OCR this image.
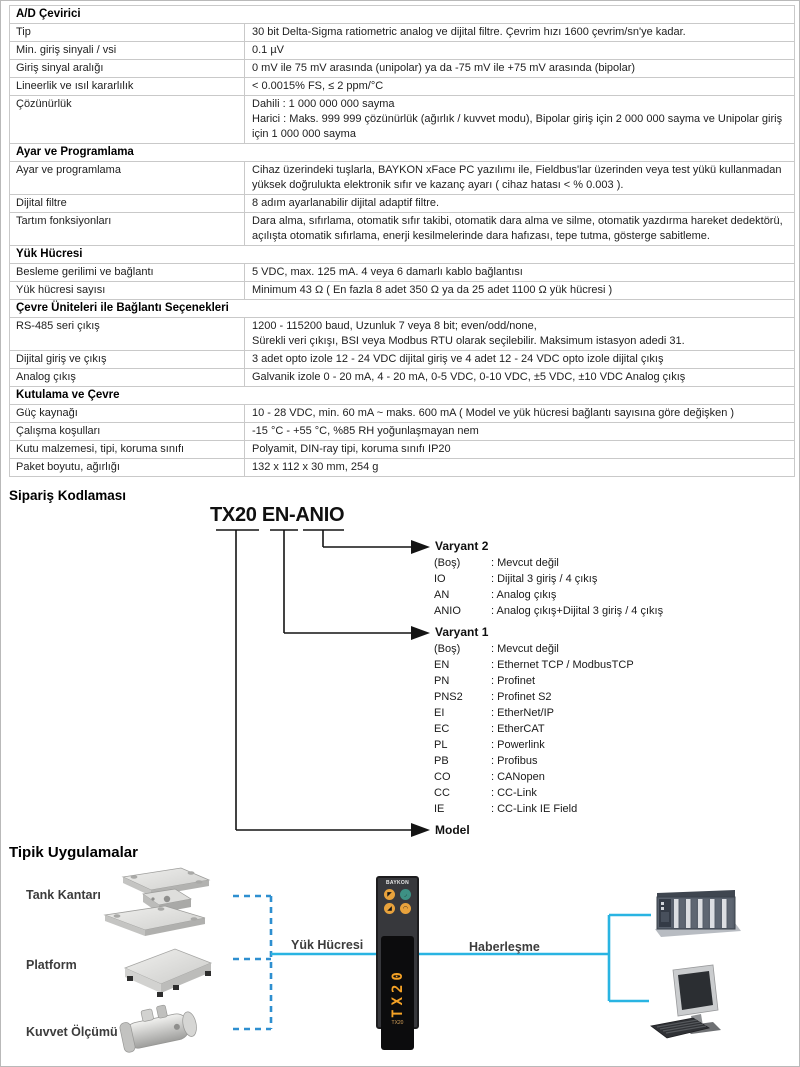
A/D Çevirici
Tip	30 bit Delta-Sigma ratiometric analog ve dijital filtre. Çevrim hızı 1600 çevrim/sn'ye kadar.
Min. giriş sinyali / vsi	0.1 µV
Giriş sinyal aralığı	0 mV ile 75 mV arasında (unipolar) ya da -75 mV ile +75 mV arasında (bipolar)
Lineerlik ve ısıl kararlılık	< 0.0015% FS, ≤ 2 ppm/°C
Çözünürlük	Dahili : 1 000 000 000 sayma
Harici : Maks. 999 999 çözünürlük (ağırlık / kuvvet modu), Bipolar giriş için 2 000 000 sayma ve Unipolar giriş için 1 000 000 sayma
Ayar ve Programlama
Ayar ve programlama	Cihaz üzerindeki tuşlarla, BAYKON xFace PC yazılımı ile, Fieldbus'lar üzerinden veya test yükü kullanmadan yüksek doğrulukta elektronik sıfır ve kazanç ayarı ( cihaz hatası < % 0.003 ).
Dijital filtre	8 adım ayarlanabilir dijital adaptif filtre.
Tartım fonksiyonları	Dara alma, sıfırlama, otomatik sıfır takibi, otomatik dara alma ve silme, otomatik yazdırma hareket dedektörü, açılışta otomatik sıfırlama, enerji kesilmelerinde dara hafızası, tepe tutma, gösterge sabitleme.
Yük Hücresi
Besleme gerilimi ve bağlantı	5 VDC, max. 125 mA. 4 veya 6 damarlı kablo bağlantısı
Yük hücresi sayısı	Minimum 43 Ω ( En fazla 8 adet 350 Ω ya da 25 adet 1100 Ω yük hücresi )
Çevre Üniteleri ile Bağlantı Seçenekleri
RS-485 seri çıkış	1200 - 115200 baud, Uzunluk 7 veya 8 bit; even/odd/none,
Sürekli veri çıkışı, BSI veya Modbus RTU olarak seçilebilir. Maksimum istasyon adedi 31.
Dijital giriş ve çıkış	3 adet opto izole 12 - 24 VDC dijital giriş ve 4 adet 12 - 24 VDC opto izole dijital çıkış
Analog çıkış	Galvanik izole 0 - 20 mA, 4 - 20 mA, 0-5 VDC, 0-10 VDC, ±5 VDC, ±10 VDC Analog çıkış
Kutulama ve Çevre
Güç kaynağı	10 - 28 VDC, min. 60 mA ~ maks. 600 mA ( Model ve yük hücresi bağlantı sayısına göre değişken )
Çalışma koşulları	-15 °C - +55 °C, %85 RH yoğunlaşmayan nem
Kutu malzemesi, tipi, koruma sınıfı	Polyamit, DIN-ray tipi, koruma sınıfı IP20
Paket boyutu, ağırlığı	132 x 112 x 30 mm, 254 g
Sipariş Kodlaması
TX20 EN-ANIO
Varyant 2
(Boş)	: Mevcut değil
IO	: Dijital 3 giriş / 4 çıkış
AN	: Analog çıkış
ANIO	: Analog çıkış+Dijital 3 giriş / 4 çıkış
Varyant 1
(Boş)	: Mevcut değil
EN	: Ethernet TCP / ModbusTCP
PN	: Profinet
PNS2	: Profinet S2
EI	: EtherNet/IP
EC	: EtherCAT
PL	: Powerlink
PB	: Profibus
CO	: CANopen
CC	: CC-Link
IE	: CC-Link IE Field
Model
Tipik Uygulamalar
Tank Kantarı
Platform
Kuvvet Ölçümü
Yük Hücresi	Haberleşme
BAYKON
◤	◞
◢	◠
TX20
TX20
